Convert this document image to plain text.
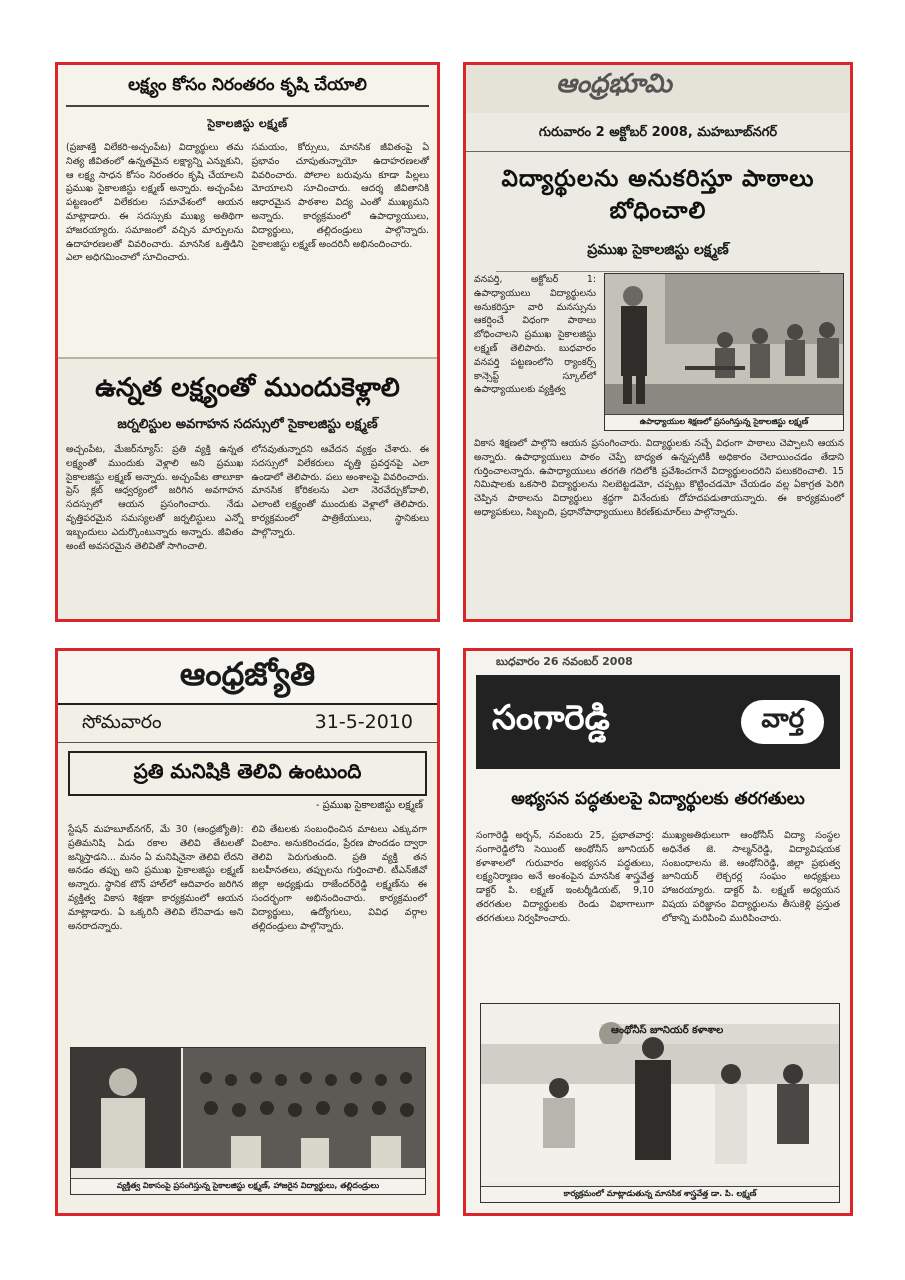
లక్ష్యం కోసం నిరంతరం కృషి చేయాలి
సైకాలజిస్టు లక్ష్మణ్
(ప్రజాశక్తి విలేకరి-అచ్చంపేట) విద్యార్థులు తమ నిత్య జీవితంలో ఉన్నతమైన లక్ష్యాన్ని ఎన్నుకుని, ఆ లక్ష్య సాధన కోసం నిరంతరం కృషి చేయాలని ప్రముఖ సైకాలజిస్టు లక్ష్మణ్ అన్నారు. అచ్చంపేట పట్టణంలో విలేకరుల సమావేశంలో ఆయన మాట్లాడారు. ఈ సదస్సుకు ముఖ్య అతిథిగా హాజరయ్యారు. సమాజంలో వచ్చిన మార్పులను ఉదాహరణలతో వివరించారు. మానసిక ఒత్తిడిని ఎలా అధిగమించాలో సూచించారు.
సమయం, కోర్సులు, మానసిక జీవితంపై ఏ ప్రభావం చూపుతున్నాయో ఉదాహరణలతో వివరించారు. పోలాల బరువును కూడా పిల్లలు మోయాలని సూచించారు. ఆదర్శ జీవితానికి ఆధారమైన పాఠశాల విద్య ఎంతో ముఖ్యమని అన్నారు. కార్యక్రమంలో ఉపాధ్యాయులు, విద్యార్థులు, తల్లిదండ్రులు పాల్గొన్నారు. సైకాలజిస్టు లక్ష్మణ్ అందరినీ అభినందించారు.
ఉన్నత లక్ష్యంతో ముందుకెళ్లాలి
జర్నలిస్టుల అవగాహన సదస్సులో సైకాలజిస్టు లక్ష్మణ్
అచ్చంపేట, మేజర్‌న్యూస్: ప్రతి వ్యక్తి ఉన్నత లక్ష్యంతో ముందుకు వెళ్లాలి అని ప్రముఖ సైకాలజిస్టు లక్ష్మణ్ అన్నారు. అచ్చంపేట తాలూకా ప్రెస్ క్లబ్ ఆధ్వర్యంలో జరిగిన అవగాహన సదస్సులో ఆయన ప్రసంగించారు. నేడు వృత్తిపరమైన సమస్యలతో జర్నలిస్టులు ఎన్నో ఇబ్బందులు ఎదుర్కొంటున్నారు అన్నారు. జీవితం అంటే అవసరమైన తెలివితో సాగించాలి.
లోనవుతున్నారని ఆవేదన వ్యక్తం చేశారు. ఈ సదస్సులో విలేకరులు వృత్తి ప్రవర్తనపై ఎలా ఉండాలో తెలిపారు. పలు అంశాలపై వివరించారు. మానసిక కోరికలను ఎలా నెరవేర్చుకోవాలి, ఎలాంటి లక్ష్యంతో ముందుకు వెళ్లాలో తెలిపారు. కార్యక్రమంలో పాత్రికేయులు, స్థానికులు పాల్గొన్నారు.
ఆంధ్రభూమి
గురువారం 2 అక్టోబర్ 2008, మహబూబ్‌నగర్
విద్యార్థులను అనుకరిస్తూ పాఠాలు బోధించాలి
ప్రముఖ సైకాలజిస్టు లక్ష్మణ్
వనపర్తి, అక్టోబర్ 1: ఉపాధ్యాయులు విద్యార్థులను అనుకరిస్తూ వారి మనస్సును ఆకర్షించే విధంగా పాఠాలు బోధించాలని ప్రముఖ సైకాలజిస్టు లక్ష్మణ్ తెలిపారు. బుధవారం వనపర్తి పట్టణంలోని ర్యాంకర్స్ కాన్సెప్ట్ స్కూల్‌లో ఉపాధ్యాయులకు వ్యక్తిత్వ
ఉపాధ్యాయుల శిక్షణలో ప్రసంగిస్తున్న సైకాలజిస్టు లక్ష్మణ్
వికాస శిక్షణలో పాల్గొని ఆయన ప్రసంగించారు. విద్యార్థులకు నచ్చే విధంగా పాఠాలు చెప్పాలని ఆయన అన్నారు. ఉపాధ్యాయులు పాఠం చెప్పే బాధ్యత ఉన్నప్పటికీ అధికారం చెలాయించడం తేడాని గుర్తించాలన్నారు. ఉపాధ్యాయులు తరగతి గదిలోకి ప్రవేశించగానే విద్యార్థులందరిని పలుకరించాలి. 15 నిమిషాలకు ఒకసారి విద్యార్థులను నిలబెట్టడమో, చప్పట్లు కొట్టించడమో చేయడం వల్ల ఏకాగ్రత పెరిగి చెప్పిన పాఠాలను విద్యార్థులు శ్రద్ధగా వినేందుకు దోహదపడుతాయన్నారు. ఈ కార్యక్రమంలో అధ్యాపకులు, సిబ్బంది, ప్రధానోపాధ్యాయులు కిరణ్‌కుమార్‌లు పాల్గొన్నారు.
ఆంధ్రజ్యోతి
సోమవారం	31-5-2010
ప్రతి మనిషికి తెలివి ఉంటుంది
- ప్రముఖ సైకాలజిస్టు లక్ష్మణ్
స్టేషన్ మహబూబ్‌నగర్, మే 30 (ఆంధ్రజ్యోతి): ప్రతిమనిషి ఏడు రకాల తెలివి తేటలతో జన్మిస్తాడని... మనం ఏ మనిషినైనా తెలివి లేదని అనడం తప్పు అని ప్రముఖ సైకాలజిస్టు లక్ష్మణ్ అన్నారు. స్థానిక టౌన్ హాల్‌లో ఆదివారం జరిగిన వ్యక్తిత్వ వికాస శిక్షణా కార్యక్రమంలో ఆయన మాట్లాడారు. ఏ ఒక్కరినీ తెలివి లేనివాడు అని అనరాదన్నారు.
లివి తేటలకు సంబంధించిన మాటలు ఎక్కువగా వింటాం. అనుకరించడం, ప్రేరణ పొందడం ద్వారా తెలివి పెరుగుతుంది. ప్రతి వ్యక్తి తన బలహీనతలు, తప్పులను గుర్తించాలి. టీఎన్‌జీవో జిల్లా అధ్యక్షుడు రాజేందర్‌రెడ్డి లక్ష్మణ్‌ను ఈ సందర్భంగా అభినందించారు. కార్యక్రమంలో విద్యార్థులు, ఉద్యోగులు, వివిధ వర్గాల తల్లిదండ్రులు పాల్గొన్నారు.
వ్యక్తిత్వ వికాసంపై ప్రసంగిస్తున్న సైకాలజిస్టు లక్ష్మణ్, హాజరైన విద్యార్థులు, తల్లిదండ్రులు
బుధవారం 26 నవంబర్ 2008
సంగారెడ్డి	వార్త
అభ్యసన పద్ధతులపై విద్యార్థులకు తరగతులు
సంగారెడ్డి అర్బన్, నవంబరు 25, ప్రభాతవార్త: సంగారెడ్డిలోని సెయింట్ ఆంథోనీస్ జూనియర్ కళాశాలలో గురువారం అభ్యసన పద్ధతులు, లక్ష్యనిర్మాణం అనే అంశంపైన మానసిక శాస్త్రవేత్త డాక్టర్ పి. లక్ష్మణ్ ఇంటర్మీడియట్, 9,10 తరగతుల విద్యార్థులకు రెండు విభాగాలుగా తరగతులు నిర్వహించారు.
ముఖ్యఅతిథులుగా ఆంథోనీస్ విద్యా సంస్థల అధినేత జె. సాల్మన్‌రెడ్డి, విద్యావిషయక సంబంధాలను జె. ఆంథోనిరెడ్డి, జిల్లా ప్రభుత్వ జూనియర్ లెక్చరర్ల సంఘం అధ్యక్షులు హాజరయ్యారు. డాక్టర్ పి. లక్ష్మణ్ అధ్యయన విషయ పరిజ్ఞానం విద్యార్థులను తీసుకెళ్లి ప్రస్తుత లోకాన్ని మరిపించి మురిపించారు.
ఆంథోనీస్ జూనియర్ కళాశాల
కార్యక్రమంలో మాట్లాడుతున్న మానసిక శాస్త్రవేత్త డా. పి. లక్ష్మణ్
